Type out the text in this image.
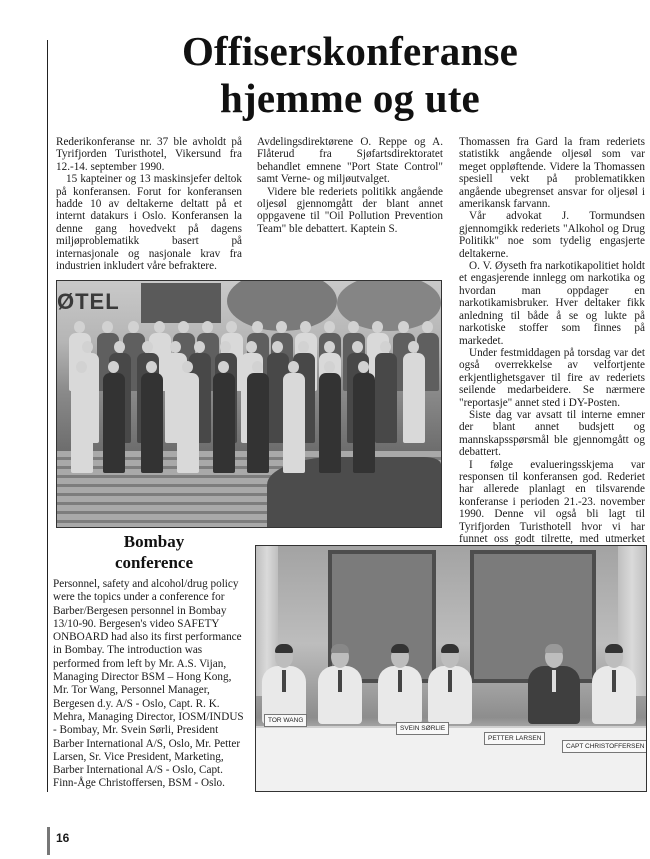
Offiserskonferanse
hjemme og ute

Rederikonferanse nr. 37 ble avholdt på Tyrifjorden Turisthotel, Vikersund fra 12.-14. september 1990.

15 kapteiner og 13 maskinsjefer deltok på konferansen. Forut for konferansen hadde 10 av deltakerne deltatt på et internt datakurs i Oslo. Konferansen la denne gang hovedvekt på dagens miljøproblematikk basert på internasjonale og nasjonale krav fra industrien inkludert våre befraktere.

Avdelingsdirektørene O. Reppe og A. Flåterud fra Sjøfartsdirektoratet behandlet emnene "Port State Control" samt Verne- og miljøutvalget.

Videre ble rederiets politikk angående oljesøl gjennomgått der blant annet oppgavene til "Oil Pollution Prevention Team" ble debattert. Kaptein S.

Thomassen fra Gard la fram rederiets statistikk angående oljesøl som var meget oppløftende. Videre la Thomassen spesiell vekt på problematikken angående ubegrenset ansvar for oljesøl i amerikansk farvann.

Vår advokat J. Tormundsen gjennomgikk rederiets "Alkohol og Drug Politikk" noe som tydelig engasjerte deltakerne.

O. V. Øyseth fra narkotikapolitiet holdt et engasjerende innlegg om narkotika og hvordan man oppdager en narkotikamisbruker. Hver deltaker fikk anledning til både å se og lukte på narkotiske stoffer som finnes på markedet.

Under festmiddagen på torsdag var det også overrekkelse av velfortjente erkjentlighetsgaver til fire av rederiets seilende medarbeidere. Se nærmere "reportasje" annet sted i DY-Posten.

Siste dag var avsatt til interne emner der blant annet budsjett og mannskapsspørsmål ble gjennomgått og debattert.

I følge evalueringsskjema var responsen til konferansen god. Rederiet har allerede planlagt en tilsvarende konferanse i perioden 21.-23. november 1990. Denne vil også bli lagt til Tyrifjorden Turisthotell hvor vi har funnet oss godt tilrette, med utmerket

ØTEL
Bombay
conference

Personnel, safety and alcohol/drug policy were the topics under a conference for Barber/Bergesen personnel in Bombay 13/10-90. Bergesen's video SAFETY ONBOARD had also its first performance in Bombay. The introduction was performed from left by Mr. A.S. Vijan, Managing Director BSM – Hong Kong, Mr. Tor Wang, Personnel Manager, Bergesen d.y. A/S - Oslo, Capt. R. K. Mehra, Managing Director, IOSM/INDUS - Bombay, Mr. Svein Sørli, President Barber International A/S, Oslo, Mr. Petter Larsen, Sr. Vice President, Marketing, Barber International A/S - Oslo, Capt. Finn-Åge Christoffersen, BSM - Oslo.

TOR WANG
SVEIN SØRLIE
PETTER LARSEN
CAPT CHRISTOFFERSEN
16
